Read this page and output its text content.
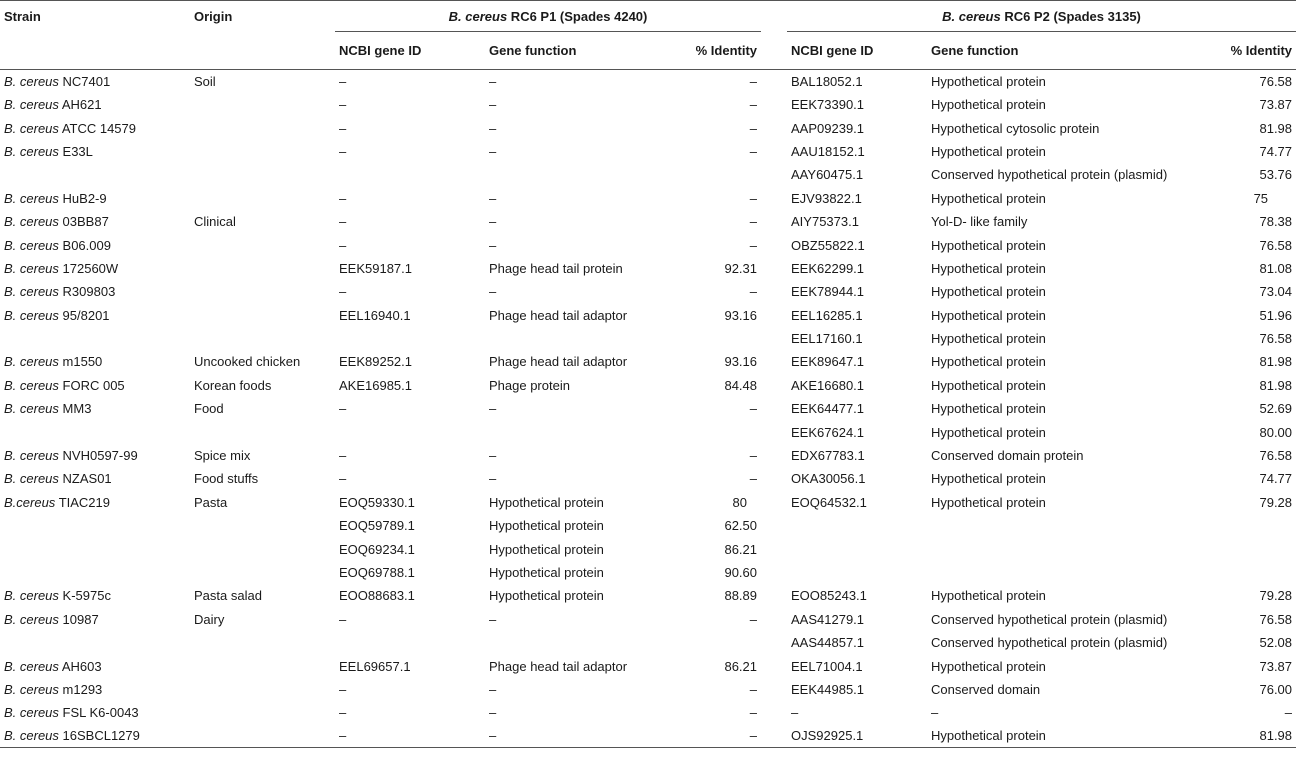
Strain	Origin	B. cereus RC6 P1 (Spades 4240)				B. cereus RC6 P2 (Spades 3135)		
		NCBI gene ID	Gene function	% Identity		NCBI gene ID	Gene function	% Identity
B. cereus NC7401	Soil	–	–	–		BAL18052.1	Hypothetical protein	76.58
B. cereus AH621		–	–	–		EEK73390.1	Hypothetical protein	73.87
B. cereus ATCC 14579		–	–	–		AAP09239.1	Hypothetical cytosolic protein	81.98
B. cereus E33L		–	–	–		AAU18152.1	Hypothetical protein	74.77
						AAY60475.1	Conserved hypothetical protein (plasmid)	53.76
B. cereus HuB2-9		–	–	–		EJV93822.1	Hypothetical protein	75
B. cereus 03BB87	Clinical	–	–	–		AIY75373.1	Yol-D- like family	78.38
B. cereus B06.009		–	–	–		OBZ55822.1	Hypothetical protein	76.58
B. cereus 172560W		EEK59187.1	Phage head tail protein	92.31		EEK62299.1	Hypothetical protein	81.08
B. cereus R309803		–	–	–		EEK78944.1	Hypothetical protein	73.04
B. cereus 95/8201		EEL16940.1	Phage head tail adaptor	93.16		EEL16285.1	Hypothetical protein	51.96
						EEL17160.1	Hypothetical protein	76.58
B. cereus m1550	Uncooked chicken	EEK89252.1	Phage head tail adaptor	93.16		EEK89647.1	Hypothetical protein	81.98
B. cereus FORC 005	Korean foods	AKE16985.1	Phage protein	84.48		AKE16680.1	Hypothetical protein	81.98
B. cereus MM3	Food	–	–	–		EEK64477.1	Hypothetical protein	52.69
						EEK67624.1	Hypothetical protein	80.00
B. cereus NVH0597-99	Spice mix	–	–	–		EDX67783.1	Conserved domain protein	76.58
B. cereus NZAS01	Food stuffs	–	–	–		OKA30056.1	Hypothetical protein	74.77
B.cereus TIAC219	Pasta	EOQ59330.1	Hypothetical protein	80		EOQ64532.1	Hypothetical protein	79.28
		EOQ59789.1	Hypothetical protein	62.50				
		EOQ69234.1	Hypothetical protein	86.21				
		EOQ69788.1	Hypothetical protein	90.60				
B. cereus K-5975c	Pasta salad	EOO88683.1	Hypothetical protein	88.89		EOO85243.1	Hypothetical protein	79.28
B. cereus 10987	Dairy	–	–	–		AAS41279.1	Conserved hypothetical protein (plasmid)	76.58
						AAS44857.1	Conserved hypothetical protein (plasmid)	52.08
B. cereus AH603		EEL69657.1	Phage head tail adaptor	86.21		EEL71004.1	Hypothetical protein	73.87
B. cereus m1293		–	–	–		EEK44985.1	Conserved domain	76.00
B. cereus FSL K6-0043		–	–	–		–	–	–
B. cereus 16SBCL1279		–	–	–		OJS92925.1	Hypothetical protein	81.98
